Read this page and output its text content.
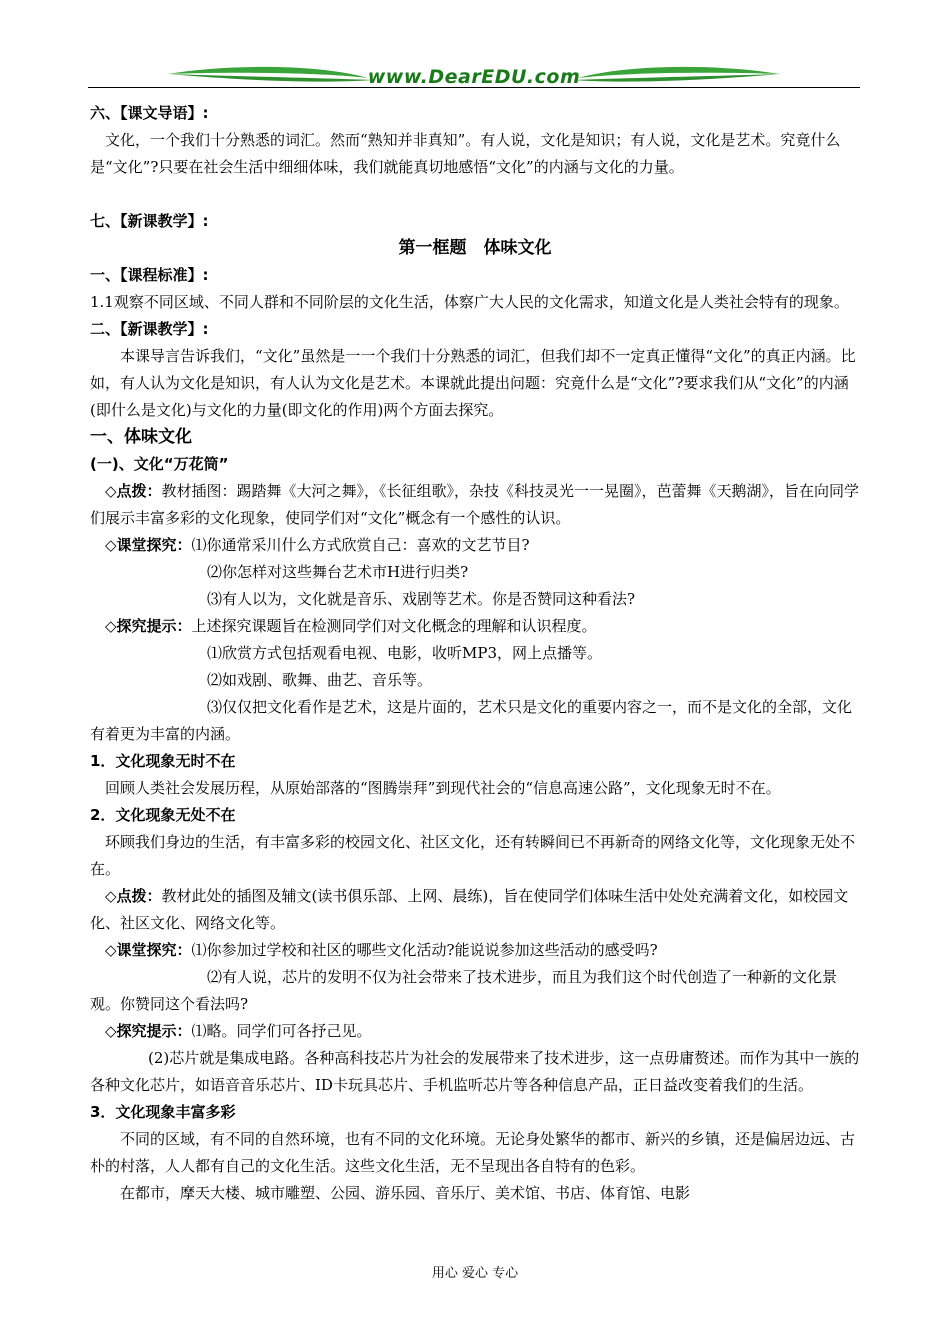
www.DearEDU.com

六、【课文导语】:

文化，一个我们十分熟悉的词汇。然而“熟知并非真知”。有人说，文化是知识；有人说，文化是艺术。究竟什么是“文化”?只要在社会生活中细细体味，我们就能真切地感悟“文化”的内涵与文化的力量。

七、【新课教学】:

第一框题　体味文化

一、【课程标准】:

1.1观察不同区域、不同人群和不同阶层的文化生活，体察广大人民的文化需求，知道文化是人类社会特有的现象。

二、【新课教学】:

本课导言告诉我们，“文化”虽然是一一个我们十分熟悉的词汇，但我们却不一定真正懂得“文化”的真正内涵。比如，有人认为文化是知识，有人认为文化是艺术。本课就此提出问题：究竟什么是“文化”?要求我们从“文化”的内涵(即什么是文化)与文化的力量(即文化的作用)两个方面去探究。

一、体味文化

(一)、文化“万花筒”

◇点拨：教材插图：踢踏舞《大河之舞》，《长征组歌》，杂技《科技灵光一一晃圈》，芭蕾舞《天鹅湖》，旨在向同学们展示丰富多彩的文化现象，使同学们对“文化”概念有一个感性的认识。

◇课堂探究：⑴你通常采川什么方式欣赏自己：喜欢的文艺节目?

⑵你怎样对这些舞台艺术市H进行归类?

⑶有人以为，文化就是音乐、戏剧等艺术。你是否赞同这种看法?

◇探究提示：上述探究课题旨在检测同学们对文化概念的理解和认识程度。

⑴欣赏方式包括观看电视、电影，收听MP3，网上点播等。

⑵如戏剧、歌舞、曲艺、音乐等。

⑶仅仅把文化看作是艺术，这是片面的，艺术只是文化的重要内容之一，而不是文化的全部，文化有着更为丰富的内涵。

1．文化现象无时不在

回顾人类社会发展历程，从原始部落的“图腾崇拜”到现代社会的“信息高速公路”，文化现象无时不在。

2．文化现象无处不在

环顾我们身边的生活，有丰富多彩的校园文化、社区文化，还有转瞬间已不再新奇的网络文化等，文化现象无处不在。

◇点拨：教材此处的插图及辅文(读书俱乐部、上网、晨练)，旨在使同学们体味生活中处处充满着文化，如校园文化、社区文化、网络文化等。

◇课堂探究：⑴你参加过学校和社区的哪些文化活动?能说说参加这些活动的感受吗?

⑵有人说，芯片的发明不仅为社会带来了技术进步，而且为我们这个时代创造了一种新的文化景观。你赞同这个看法吗?

◇探究提示：⑴略。同学们可各抒己见。

(2)芯片就是集成电路。各种高科技芯片为社会的发展带来了技术进步，这一点毋庸赘述。而作为其中一族的各种文化芯片，如语音音乐芯片、ID卡玩具芯片、手机监听芯片等各种信息产品，正日益改变着我们的生活。

3．文化现象丰富多彩

不同的区域，有不同的自然环境，也有不同的文化环境。无论身处繁华的都市、新兴的乡镇，还是偏居边远、古朴的村落，人人都有自己的文化生活。这些文化生活，无不呈现出各自特有的色彩。

在都市，摩天大楼、城市雕塑、公园、游乐园、音乐厅、美术馆、书店、体育馆、电影

用心 爱心 专心
